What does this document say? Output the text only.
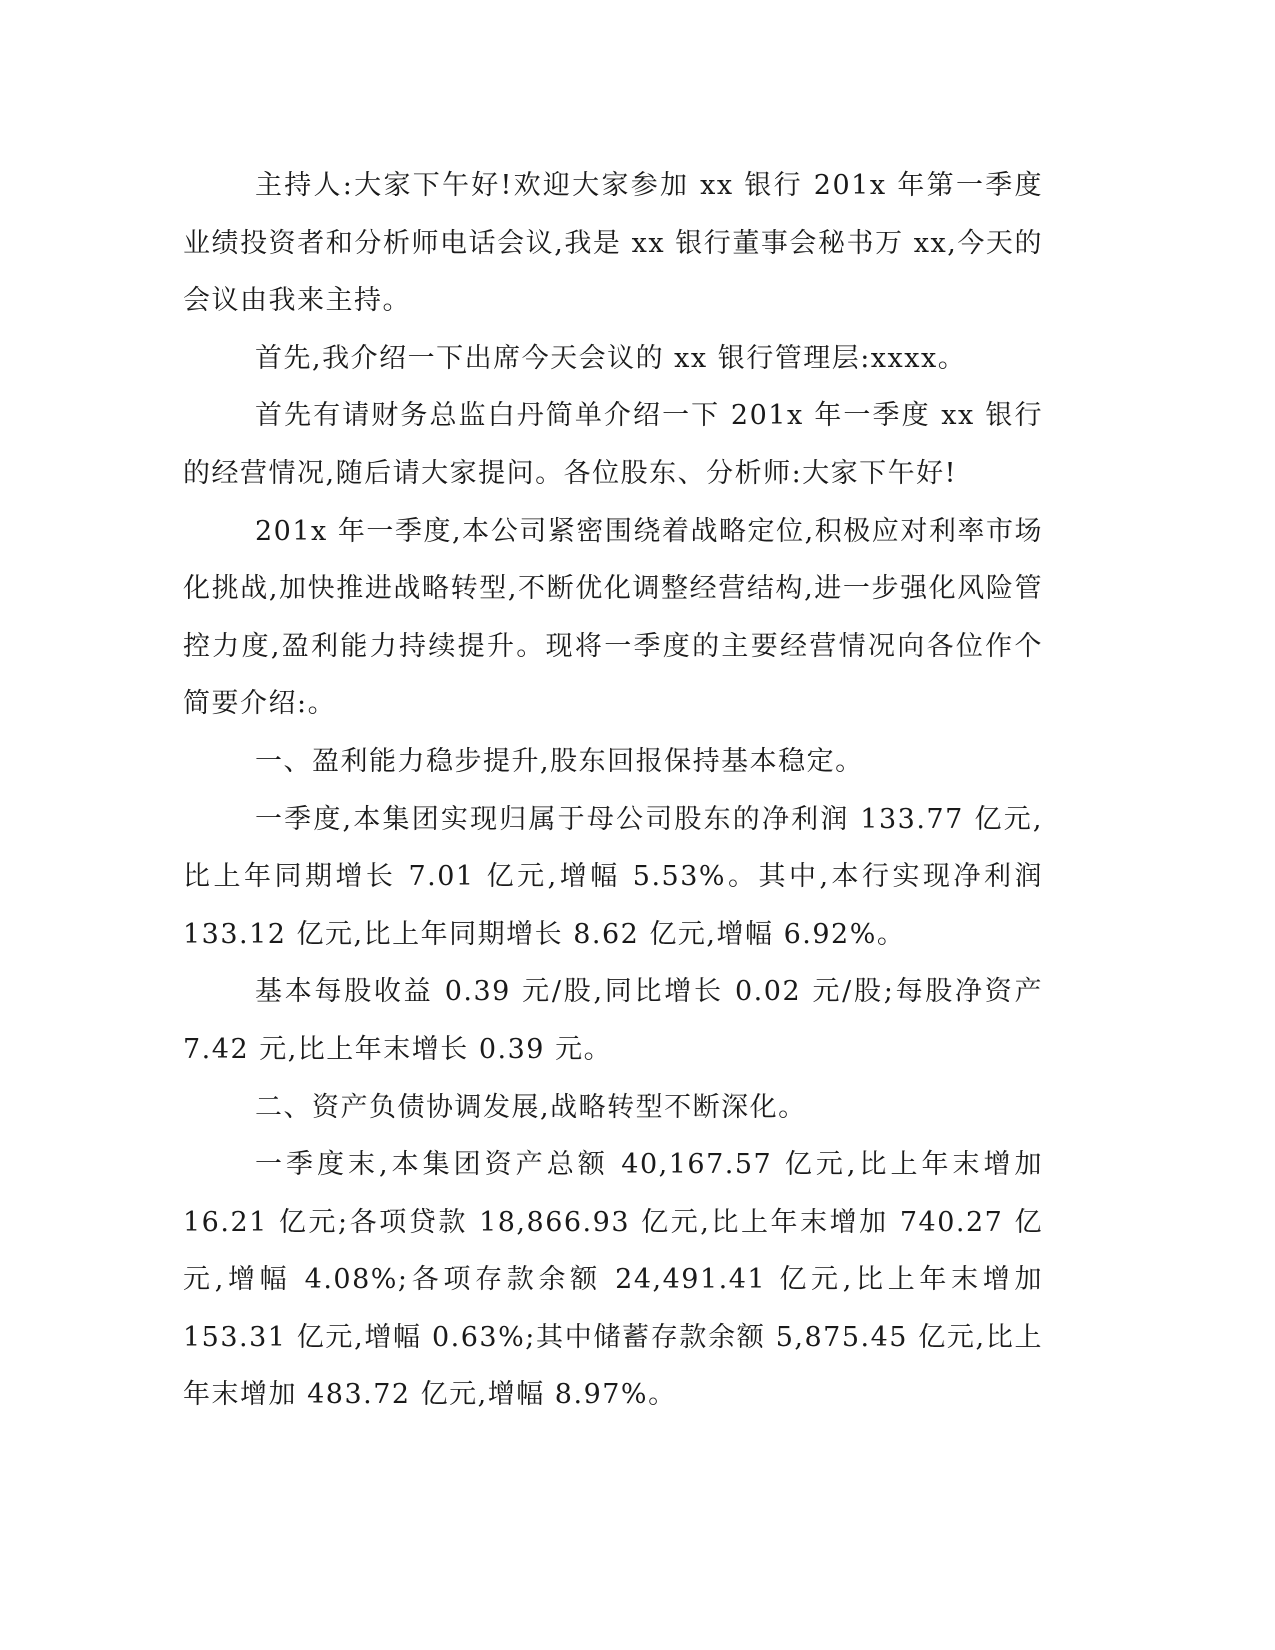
主持人:大家下午好!欢迎大家参加 xx 银行 201x 年第一季度业绩投资者和分析师电话会议,我是 xx 银行董事会秘书万 xx,今天的会议由我来主持。

首先,我介绍一下出席今天会议的 xx 银行管理层:xxxx。

首先有请财务总监白丹简单介绍一下 201x 年一季度 xx 银行的经营情况,随后请大家提问。各位股东、分析师:大家下午好!

201x 年一季度,本公司紧密围绕着战略定位,积极应对利率市场化挑战,加快推进战略转型,不断优化调整经营结构,进一步强化风险管控力度,盈利能力持续提升。现将一季度的主要经营情况向各位作个简要介绍:。

一、盈利能力稳步提升,股东回报保持基本稳定。

一季度,本集团实现归属于母公司股东的净利润 133.77 亿元,比上年同期增长 7.01 亿元,增幅 5.53%。其中,本行实现净利润 133.12 亿元,比上年同期增长 8.62 亿元,增幅 6.92%。

基本每股收益 0.39 元/股,同比增长 0.02 元/股;每股净资产 7.42 元,比上年末增长 0.39 元。

二、资产负债协调发展,战略转型不断深化。

一季度末,本集团资产总额 40,167.57 亿元,比上年末增加 16.21 亿元;各项贷款 18,866.93 亿元,比上年末增加 740.27 亿元,增幅 4.08%;各项存款余额 24,491.41 亿元,比上年末增加 153.31 亿元,增幅 0.63%;其中储蓄存款余额 5,875.45 亿元,比上年末增加 483.72 亿元,增幅 8.97%。
